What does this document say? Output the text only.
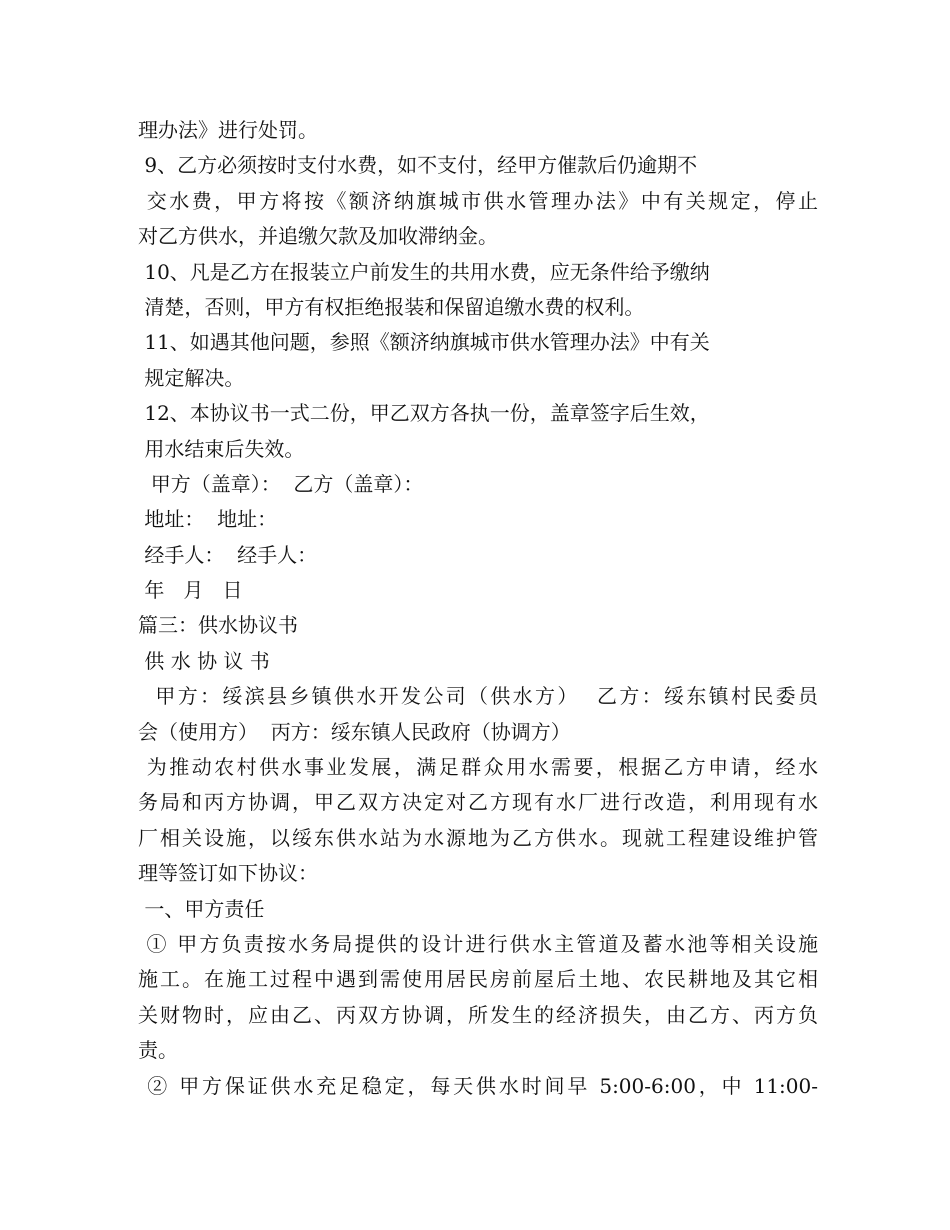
理办法》进行处罚。
9、乙方必须按时支付水费，如不支付，经甲方催款后仍逾期不
交水费，甲方将按《额济纳旗城市供水管理办法》中有关规定，停止
对乙方供水，并追缴欠款及加收滞纳金。
10、凡是乙方在报装立户前发生的共用水费，应无条件给予缴纳
清楚，否则，甲方有权拒绝报装和保留追缴水费的权利。
11、如遇其他问题，参照《额济纳旗城市供水管理办法》中有关
规定解决。
12、本协议书一式二份，甲乙双方各执一份，盖章签字后生效，
用水结束后失效。
甲方（盖章）：  乙方（盖章）：
地址：  地址：
经手人：  经手人：
年   月   日
篇三：供水协议书
供 水 协 议 书
甲方：绥滨县乡镇供水开发公司（供水方）  乙方：绥东镇村民委员
会（使用方）  丙方：绥东镇人民政府（协调方）
为推动农村供水事业发展，满足群众用水需要，根据乙方申请，经水
务局和丙方协调，甲乙双方决定对乙方现有水厂进行改造，利用现有水
厂相关设施，以绥东供水站为水源地为乙方供水。现就工程建设维护管
理等签订如下协议：
一、甲方责任
① 甲方负责按水务局提供的设计进行供水主管道及蓄水池等相关设施
施工。在施工过程中遇到需使用居民房前屋后土地、农民耕地及其它相
关财物时，应由乙、丙双方协调，所发生的经济损失，由乙方、丙方负
责。
② 甲方保证供水充足稳定，每天供水时间早 5:00-6:00，中 11:00-
